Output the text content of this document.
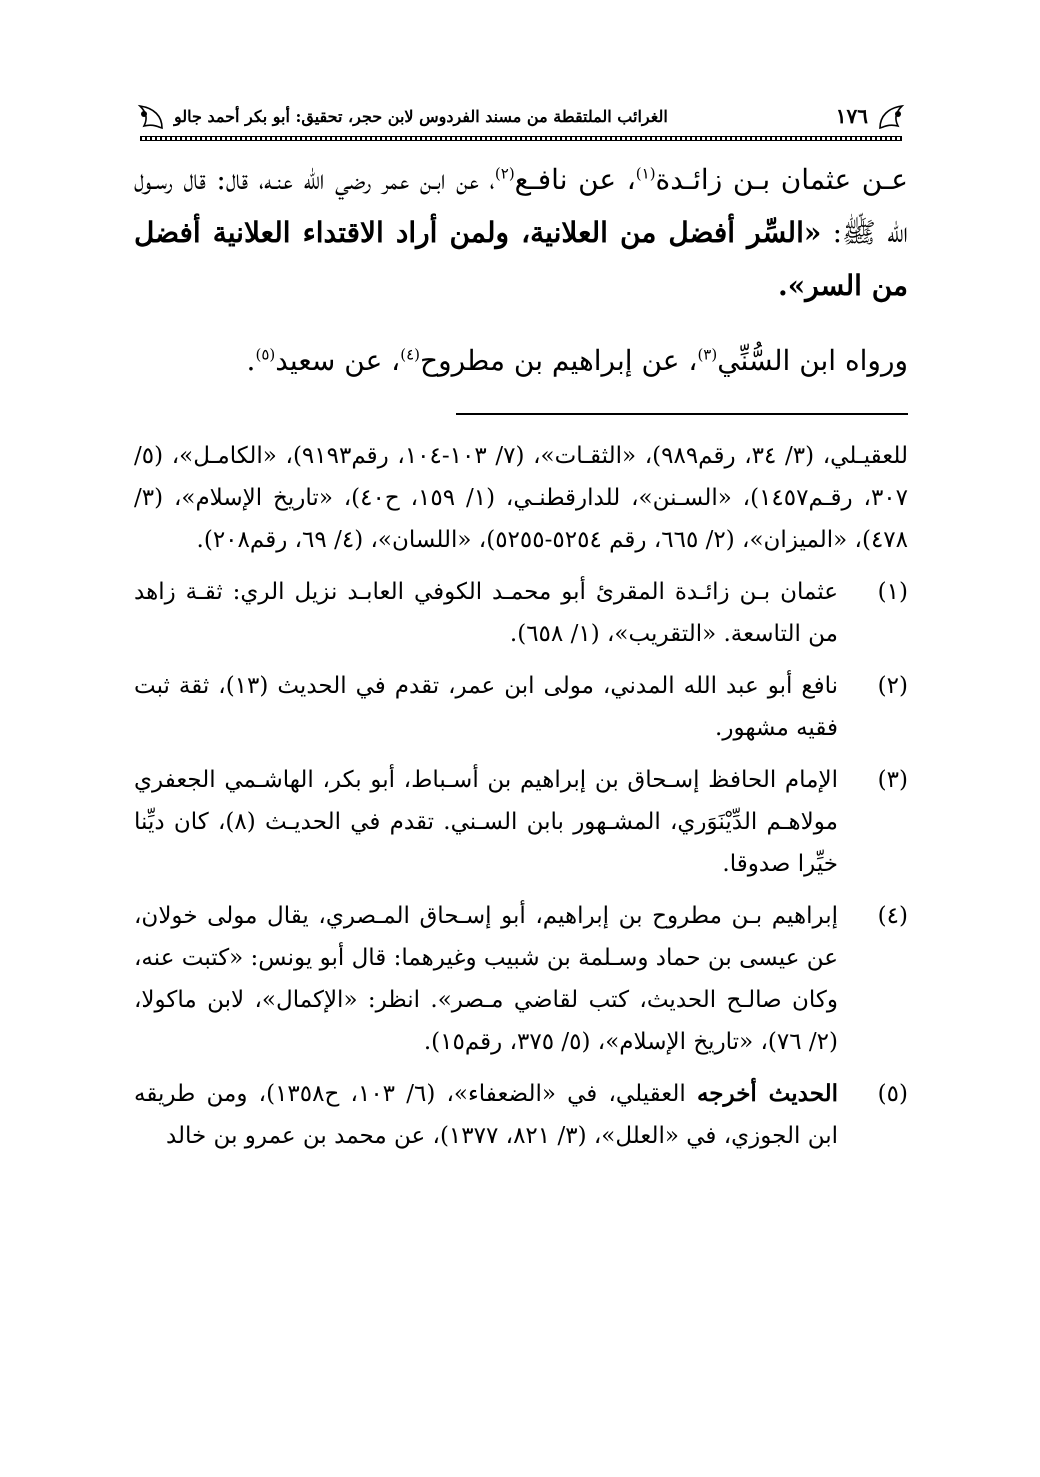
١٧٦
الغرائب الملتقطة من مسند الفردوس لابن حجر، تحقيق: أبو بكر أحمد جالو

عـن عثمان بـن زائـدة$^{(١)}$، عن نافـع$^{(٢)}$، عن ابـن عمر رضي الله عنـه، قال: قال رسـول الله ﷺ: «السِّر أفضل من العلانية، ولمن أراد الاقتداء العلانية أفضل من السر».

ورواه ابن السُّنِّي$^{(٣)}$، عن إبراهيم بن مطروح$^{(٤)}$، عن سعيد$^{(٥)}$.

للعقيـلي، (٣/ ٣٤، رقم٩٨٩)، «الثقـات»، (٧/ ١٠٣-١٠٤، رقم٩١٩٣)، «الكامـل»، (٥/ ٣٠٧، رقـم١٤٥٧)، «السـنن»، للدارقطنـي، (١/ ١٥٩، ح٤٠)، «تاريخ الإسلام»، (٣/ ٤٧٨)، «الميزان»، (٢/ ٦٦٥، رقم ٥٢٥٤-٥٢٥٥)، «اللسان»، (٤/ ٦٩، رقم٢٠٨).

(١)
عثمان بـن زائـدة المقرئ أبو محمـد الكوفي العابـد نزيل الري: ثقـة زاهد من التاسعة. «التقريب»، (١/ ٦٥٨).
(٢)
نافع أبو عبد الله المدني، مولى ابن عمر، تقدم في الحديث (١٣)، ثقة ثبت فقيه مشهور.
(٣)
الإمام الحافظ إسـحاق بن إبراهيم بن أسـباط، أبو بكر، الهاشـمي الجعفري مولاهـم الدِّيْنَوَري، المشـهور بابن السـني. تقدم في الحديـث (٨)، كان ديِّنا خيِّرا صدوقا.
(٤)
إبراهيم بـن مطروح بن إبراهيم، أبو إسـحاق المـصري، يقال مولى خولان، عن عيسى بن حماد وسـلمة بن شبيب وغيرهما: قال أبو يونس: «كتبت عنه، وكان صالـح الحديث، كتب لقاضي مـصر». انظر: «الإكمال»، لابن ماكولا، (٢/ ٧٦)، «تاريخ الإسلام»، (٥/ ٣٧٥، رقم١٥).
(٥)
الحديث أخرجه العقيلي، في «الضعفاء»، (٦/ ١٠٣، ح١٣٥٨)، ومن طريقه ابن الجوزي، في «العلل»، (٣/ ٨٢١، ١٣٧٧)، عن محمد بن عمرو بن خالد
